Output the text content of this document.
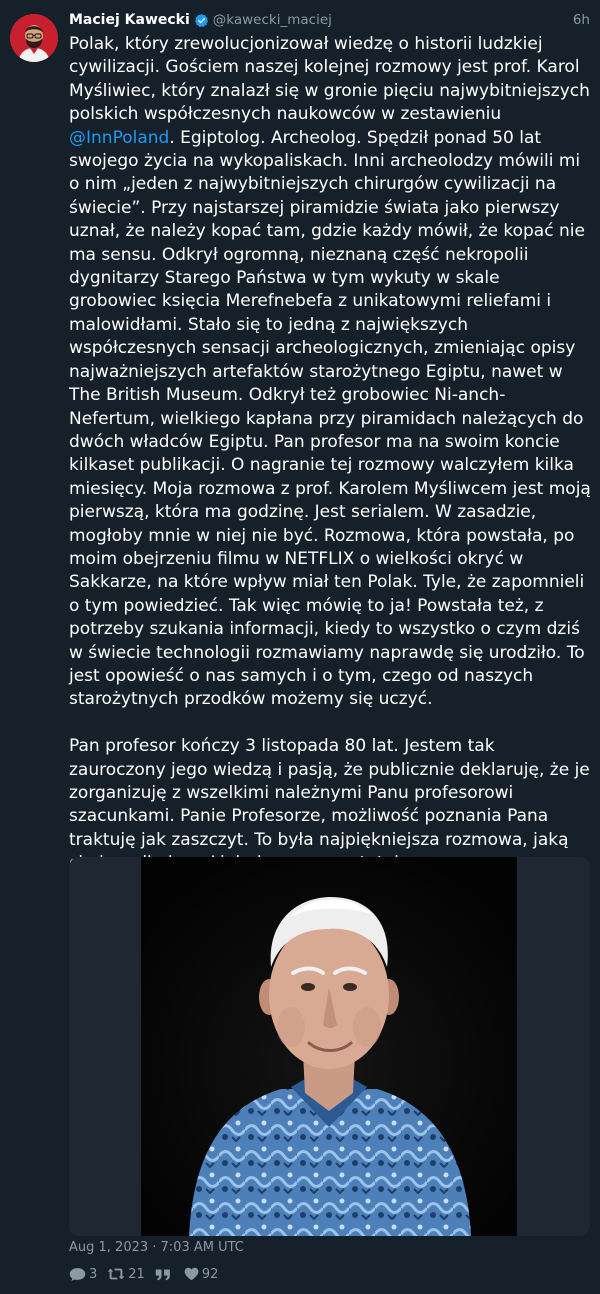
Maciej Kawecki @kawecki_maciej	6h

Polak, który zrewolucjonizował wiedzę o historii ludzkiej cywilizacji. Gościem naszej kolejnej rozmowy jest prof. Karol Myśliwiec, który znalazł się w gronie pięciu najwybitniejszych polskich współczesnych naukowców w zestawieniu @InnPoland. Egiptolog. Archeolog. Spędził ponad 50 lat swojego życia na wykopaliskach. Inni archeolodzy mówili mi o nim „jeden z najwybitniejszych chirurgów cywilizacji na świecie”. Przy najstarszej piramidzie świata jako pierwszy uznał, że należy kopać tam, gdzie każdy mówił, że kopać nie ma sensu. Odkrył ogromną, nieznaną część nekropolii dygnitarzy Starego Państwa w tym wykuty w skale grobowiec księcia Merefnebefa z unikatowymi reliefami i malowidłami. Stało się to jedną z największych współczesnych sensacji archeologicznych, zmieniając opisy najważniejszych artefaktów starożytnego Egiptu, nawet w The British Museum. Odkrył też grobowiec Ni-anch-Nefertum, wielkiego kapłana przy piramidach należących do dwóch władców Egiptu. Pan profesor ma na swoim koncie kilkaset publikacji. O nagranie tej rozmowy walczyłem kilka miesięcy. Moja rozmowa z prof. Karolem Myśliwcem jest moją pierwszą, która ma godzinę. Jest serialem. W zasadzie, mogłoby mnie w niej nie być. Rozmowa, która powstała, po moim obejrzeniu filmu w NETFLIX o wielkości okryć w Sakkarze, na które wpływ miał ten Polak. Tyle, że zapomnieli o tym powiedzieć. Tak więc mówię to ja! Powstała też, z potrzeby szukania informacji, kiedy to wszystko o czym dziś w świecie technologii rozmawiamy naprawdę się urodziło. To jest opowieść o nas samych i o tym, czego od naszych starożytnych przodków możemy się uczyć.

Pan profesor kończy 3 listopada 80 lat. Jestem tak zauroczony jego wiedzą i pasją, że publicznie deklaruję, że je zorganizuję z wszelkimi należnymi Panu profesorowi szacunkami. Panie Profesorze, możliwość poznania Pana traktuję jak zaszczyt. To była najpiękniejsza rozmowa, jaką

Aug 1, 2023 · 7:03 AM UTC
3 21	92
